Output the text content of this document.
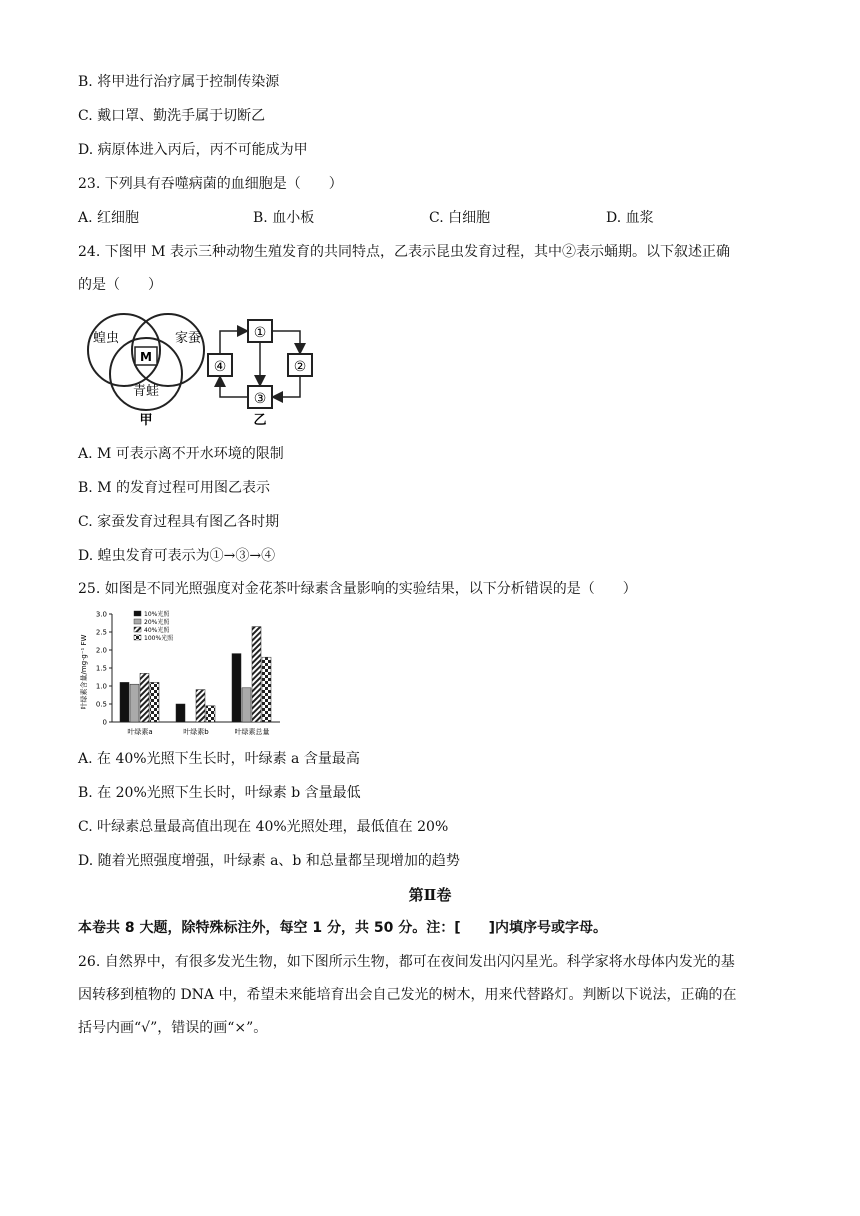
B. 将甲进行治疗属于控制传染源
C. 戴口罩、勤洗手属于切断乙
D. 病原体进入丙后，丙不可能成为甲
23. 下列具有吞噬病菌的血细胞是（　　）
A. 红细胞	B. 血小板	C. 白细胞	D. 血浆
24. 下图甲 M 表示三种动物生殖发育的共同特点，乙表示昆虫发育过程，其中②表示蛹期。以下叙述正确
的是（　　）
蝗虫	家蚕
青蛙
M
甲
①
②
③
④
乙
A. M 可表示离不开水环境的限制
B. M 的发育过程可用图乙表示
C. 家蚕发育过程具有图乙各时期
D. 蝗虫发育可表示为①→③→④
25. 如图是不同光照强度对金花茶叶绿素含量影响的实验结果，以下分析错误的是（　　）
叶绿素含量/mg·g⁻¹ FW
0
0.5
1.0
1.5
2.0
2.5
3.0
叶绿素a	叶绿素b	叶绿素总量
10%光照
20%光照
40%光照
100%光照
A. 在 40%光照下生长时，叶绿素 a 含量最高
B. 在 20%光照下生长时，叶绿素 b 含量最低
C. 叶绿素总量最高值出现在 40%光照处理，最低值在 20%
D. 随着光照强度增强，叶绿素 a、b 和总量都呈现增加的趋势
第Ⅱ卷
本卷共 8 大题，除特殊标注外，每空 1 分，共 50 分。注：[　　]内填序号或字母。
26. 自然界中，有很多发光生物，如下图所示生物，都可在夜间发出闪闪星光。科学家将水母体内发光的基
因转移到植物的 DNA 中，希望未来能培育出会自己发光的树木，用来代替路灯。判断以下说法，正确的在
括号内画“√”，错误的画“×”。
